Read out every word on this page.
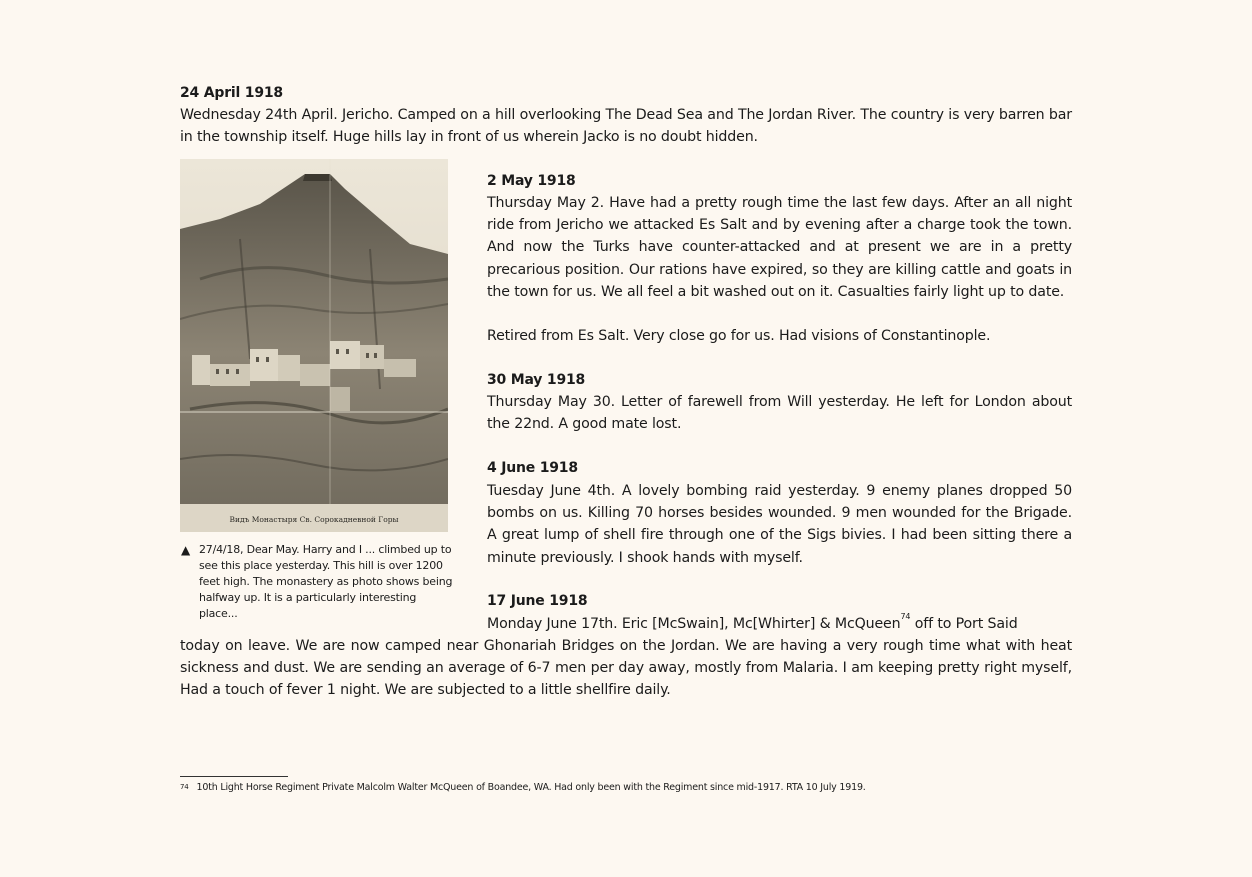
24 April 1918

Wednesday 24th April. Jericho. Camped on a hill overlooking The Dead Sea and The Jordan River. The country is very barren bar in the township itself. Huge hills lay in front of us wherein Jacko is no doubt hidden.

Видъ Монастыря Св. Сорокадневной Горы
▲ 27/4/18, Dear May. Harry and I ... climbed up to see this place yesterday. This hill is over 1200 feet high. The monastery as photo shows being halfway up. It is a particularly interesting place...
2 May 1918

Thursday May 2. Have had a pretty rough time the last few days. After an all night ride from Jericho we attacked Es Salt and by evening after a charge took the town. And now the Turks have counter-attacked and at present we are in a pretty precarious position. Our rations have expired, so they are killing cattle and goats in the town for us. We all feel a bit washed out on it. Casualties fairly light up to date.

Retired from Es Salt. Very close go for us. Had visions of Constantinople.
30 May 1918

Thursday May 30. Letter of farewell from Will yesterday. He left for London about the 22nd. A good mate lost.

4 June 1918

Tuesday June 4th. A lovely bombing raid yesterday. 9 enemy planes dropped 50 bombs on us. Killing 70 horses besides wounded. 9 men wounded for the Brigade. A great lump of shell fire through one of the Sigs bivies. I had been sitting there a minute previously. I shook hands with myself.

17 June 1918
Monday June 17th. Eric [McSwain], Mc[Whirter] & McQueen$^{74}$ off to Port Said

today on leave. We are now camped near Ghonariah Bridges on the Jordan. We are having a very rough time what with heat sickness and dust. We are sending an average of 6-7 men per day away, mostly from Malaria. I am keeping pretty right myself, Had a touch of fever 1 night. We are subjected to a little shellfire daily.

$^{74}$ 10th Light Horse Regiment Private Malcolm Walter McQueen of Boandee, WA. Had only been with the Regiment since mid-1917. RTA 10 July 1919.
